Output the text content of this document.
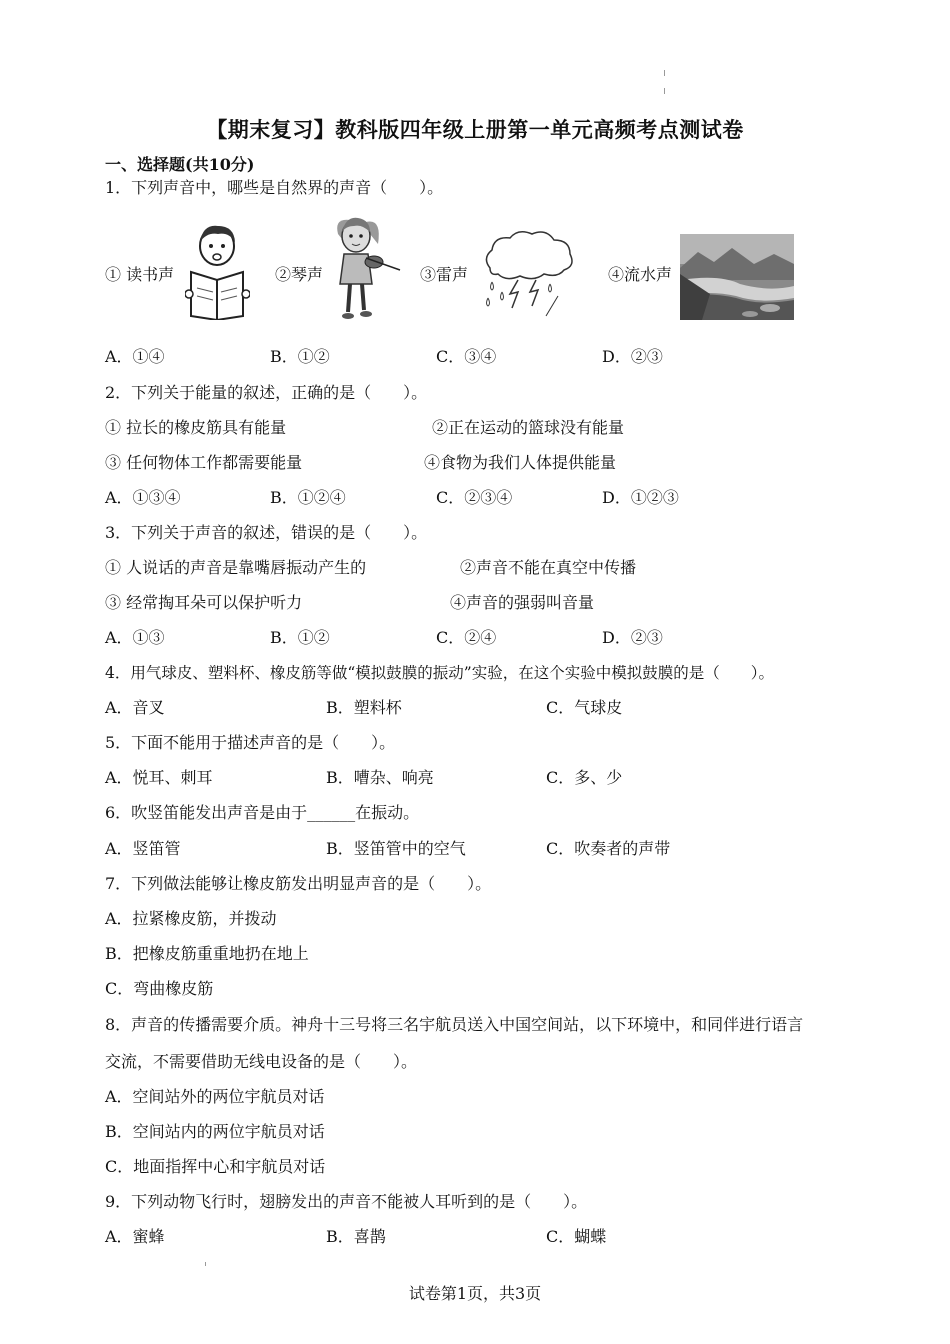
【期末复习】教科版四年级上册第一单元高频考点测试卷
一、选择题(共10分)
1．下列声音中，哪些是自然界的声音（　　）。
① 读书声	②琴声	③雷声	④流水声
A．①④	B．①②	C．③④	D．②③
2．下列关于能量的叙述，正确的是（　　）。
① 拉长的橡皮筋具有能量	②正在运动的篮球没有能量
③ 任何物体工作都需要能量	④食物为我们人体提供能量
A．①③④	B．①②④	C．②③④	D．①②③
3．下列关于声音的叙述，错误的是（　　）。
① 人说话的声音是靠嘴唇振动产生的	②声音不能在真空中传播
③ 经常掏耳朵可以保护听力	④声音的强弱叫音量
A．①③	B．①②	C．②④	D．②③
4．用气球皮、塑料杯、橡皮筋等做“模拟鼓膜的振动”实验，在这个实验中模拟鼓膜的是（　　）。
A．音叉	B．塑料杯	C．气球皮
5．下面不能用于描述声音的是（　　）。
A．悦耳、刺耳	B．嘈杂、响亮	C．多、少
6．吹竖笛能发出声音是由于______在振动。
A．竖笛管	B．竖笛管中的空气	C．吹奏者的声带
7．下列做法能够让橡皮筋发出明显声音的是（　　）。
A．拉紧橡皮筋，并拨动
B．把橡皮筋重重地扔在地上
C．弯曲橡皮筋
8．声音的传播需要介质。神舟十三号将三名宇航员送入中国空间站，以下环境中，和同伴进行语言
交流，不需要借助无线电设备的是（　　）。
A．空间站外的两位宇航员对话
B．空间站内的两位宇航员对话
C．地面指挥中心和宇航员对话
9．下列动物飞行时，翅膀发出的声音不能被人耳听到的是（　　）。
A．蜜蜂	B．喜鹊	C．蝴蝶
试卷第1页，共3页
